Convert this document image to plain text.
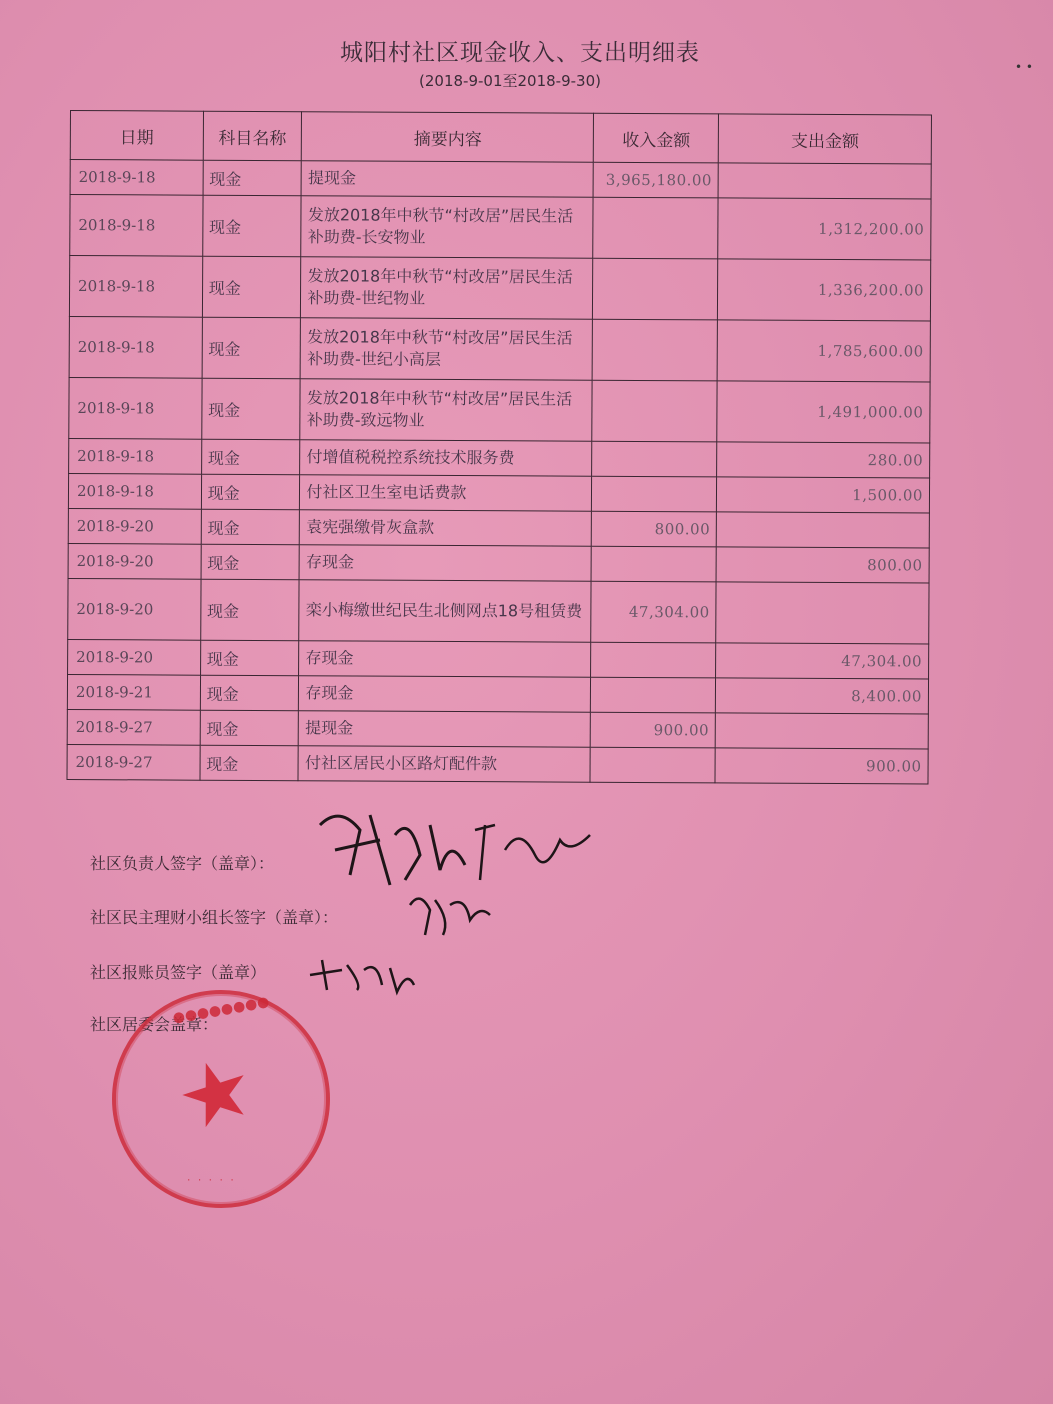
城阳村社区现金收入、支出明细表
(2018-9-01至2018-9-30)
• •
日期	科目名称	摘要内容	收入金额	支出金额
2018-9-18	现金	提现金	3,965,180.00	
2018-9-18	现金	发放2018年中秋节“村改居”居民生活补助费-长安物业		1,312,200.00
2018-9-18	现金	发放2018年中秋节“村改居”居民生活补助费-世纪物业		1,336,200.00
2018-9-18	现金	发放2018年中秋节“村改居”居民生活补助费-世纪小高层		1,785,600.00
2018-9-18	现金	发放2018年中秋节“村改居”居民生活补助费-致远物业		1,491,000.00
2018-9-18	现金	付增值税税控系统技术服务费		280.00
2018-9-18	现金	付社区卫生室电话费款		1,500.00
2018-9-20	现金	袁宪强缴骨灰盒款	800.00	
2018-9-20	现金	存现金		800.00
2018-9-20	现金	栾小梅缴世纪民生北侧网点18号租赁费	47,304.00	
2018-9-20	现金	存现金		47,304.00
2018-9-21	现金	存现金		8,400.00
2018-9-27	现金	提现金	900.00	
2018-9-27	现金	付社区居民小区路灯配件款		900.00
社区负责人签字（盖章）：
社区民主理财小组长签字（盖章）：
社区报账员签字（盖章）
社区居委会盖章：
●●●●●●●●
★
· · · · ·
